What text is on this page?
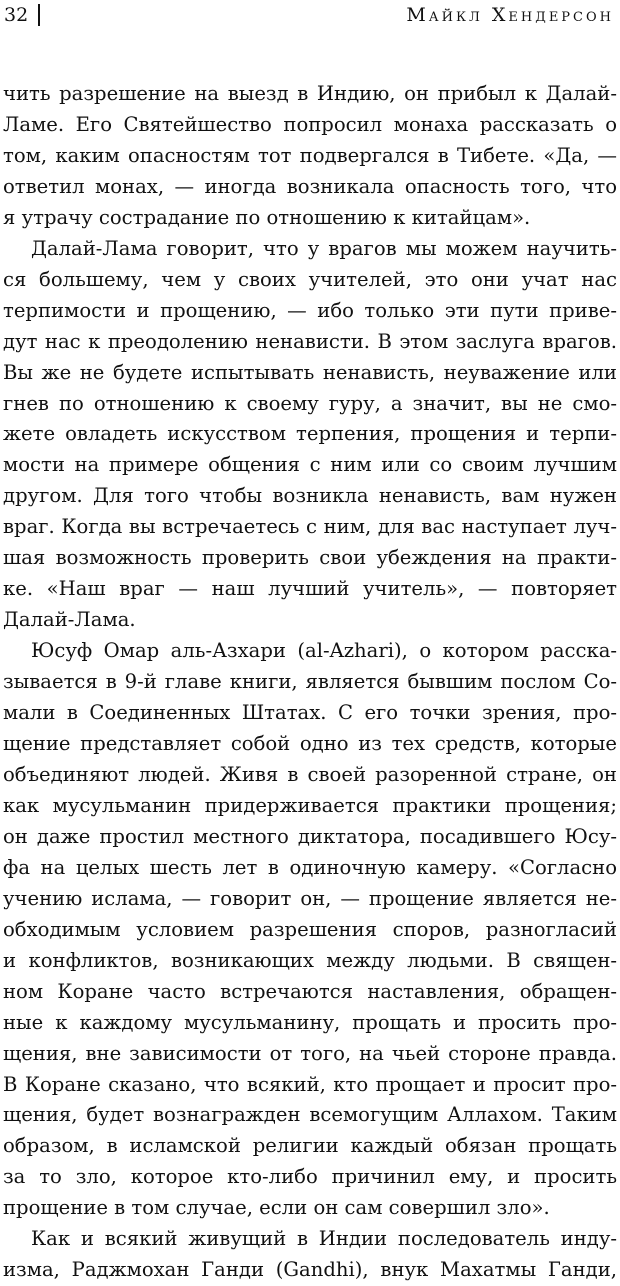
32	Майкл Хендерсон
чить разрешение на выезд в Индию, он прибыл к Далай-
Ламе. Его Святейшество попросил монаха рассказать о
том, каким опасностям тот подвергался в Тибете. «Да, —
ответил монах, — иногда возникала опасность того, что
я утрачу сострадание по отношению к китайцам».
Далай-Лама говорит, что у врагов мы можем научить-
ся большему, чем у своих учителей, это они учат нас
терпимости и прощению, — ибо только эти пути приве-
дут нас к преодолению ненависти. В этом заслуга врагов.
Вы же не будете испытывать ненависть, неуважение или
гнев по отношению к своему гуру, а значит, вы не смо-
жете овладеть искусством терпения, прощения и терпи-
мости на примере общения с ним или со своим лучшим
другом. Для того чтобы возникла ненависть, вам нужен
враг. Когда вы встречаетесь с ним, для вас наступает луч-
шая возможность проверить свои убеждения на практи-
ке. «Наш враг — наш лучший учитель», — повторяет
Далай-Лама.
Юсуф Омар аль-Азхари (al-Azhari), о котором расска-
зывается в 9-й главе книги, является бывшим послом Со-
мали в Соединенных Штатах. С его точки зрения, про-
щение представляет собой одно из тех средств, которые
объединяют людей. Живя в своей разоренной стране, он
как мусульманин придерживается практики прощения;
он даже простил местного диктатора, посадившего Юсу-
фа на целых шесть лет в одиночную камеру. «Согласно
учению ислама, — говорит он, — прощение является не-
обходимым условием разрешения споров, разногласий
и конфликтов, возникающих между людьми. В священ-
ном Коране часто встречаются наставления, обращен-
ные к каждому мусульманину, прощать и просить про-
щения, вне зависимости от того, на чьей стороне правда.
В Коране сказано, что всякий, кто прощает и просит про-
щения, будет вознагражден всемогущим Аллахом. Таким
образом, в исламской религии каждый обязан прощать
за то зло, которое кто-либо причинил ему, и просить
прощение в том случае, если он сам совершил зло».
Как и всякий живущий в Индии последователь инду-
изма, Раджмохан Ганди (Gandhi), внук Махатмы Ганди,
